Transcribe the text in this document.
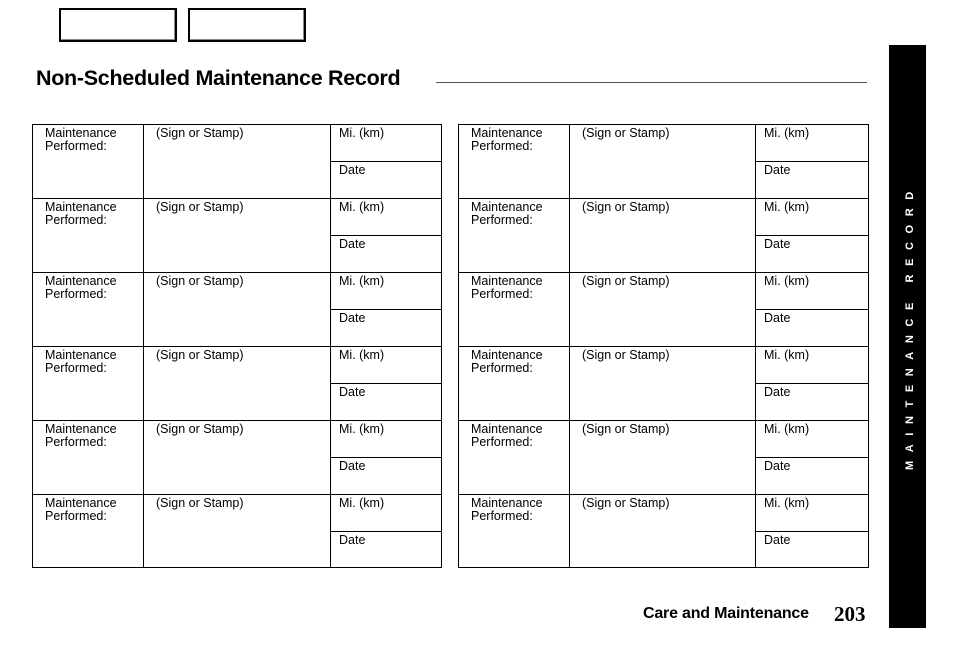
Non-Scheduled Maintenance Record
Maintenance Performed:
(Sign or Stamp)	Mi. (km)
Date
Maintenance Performed:
(Sign or Stamp)	Mi. (km)
Date
Maintenance Performed:
(Sign or Stamp)	Mi. (km)
Date
Maintenance Performed:
(Sign or Stamp)	Mi. (km)
Date
Maintenance Performed:
(Sign or Stamp)	Mi. (km)
Date
Maintenance Performed:
(Sign or Stamp)	Mi. (km)
Date
Maintenance Performed:
(Sign or Stamp)	Mi. (km)
Date
Maintenance Performed:
(Sign or Stamp)	Mi. (km)
Date
Maintenance Performed:
(Sign or Stamp)	Mi. (km)
Date
Maintenance Performed:
(Sign or Stamp)	Mi. (km)
Date
Maintenance Performed:
(Sign or Stamp)	Mi. (km)
Date
Maintenance Performed:
(Sign or Stamp)	Mi. (km)
Date
MAINTENANCE RECORD
Care and Maintenance 203
